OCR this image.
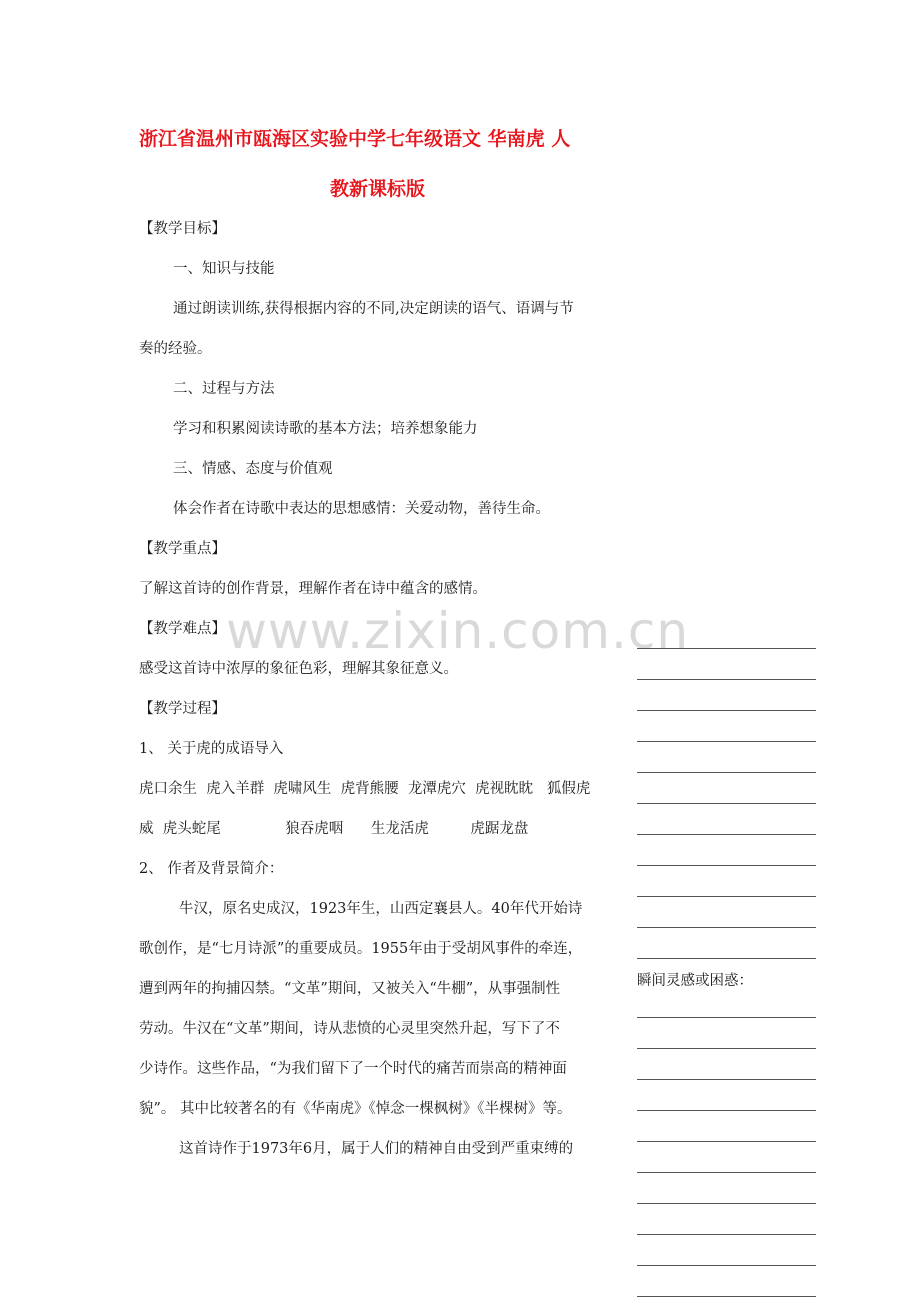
浙江省温州市瓯海区实验中学七年级语文 华南虎 人
教新课标版
www.zixin.com.cn
【教学目标】
一、知识与技能
通过朗读训练,获得根据内容的不同,决定朗读的语气、语调与节
奏的经验。
二、过程与方法
学习和积累阅读诗歌的基本方法；培养想象能力
三、情感、态度与价值观
体会作者在诗歌中表达的思想感情：关爱动物，善待生命。
【教学重点】
了解这首诗的创作背景，理解作者在诗中蕴含的感情。
【教学难点】
感受这首诗中浓厚的象征色彩，理解其象征意义。
【教学过程】
1、 关于虎的成语导入
虎口余生  虎入羊群  虎啸风生  虎背熊腰  龙潭虎穴  虎视眈眈   狐假虎
威  虎头蛇尾              狼吞虎咽      生龙活虎         虎踞龙盘
2、 作者及背景简介：
牛汉，原名史成汉，1923年生，山西定襄县人。40年代开始诗
歌创作，是“七月诗派”的重要成员。1955年由于受胡风事件的牵连，
遭到两年的拘捕囚禁。“文革”期间，又被关入“牛棚”，从事强制性
劳动。牛汉在“文革”期间，诗从悲愤的心灵里突然升起，写下了不
少诗作。这些作品，“为我们留下了一个时代的痛苦而崇高的精神面
貌”。 其中比较著名的有《华南虎》《悼念一棵枫树》《半棵树》等。
这首诗作于1973年6月，属于人们的精神自由受到严重束缚的
瞬间灵感或困惑：
